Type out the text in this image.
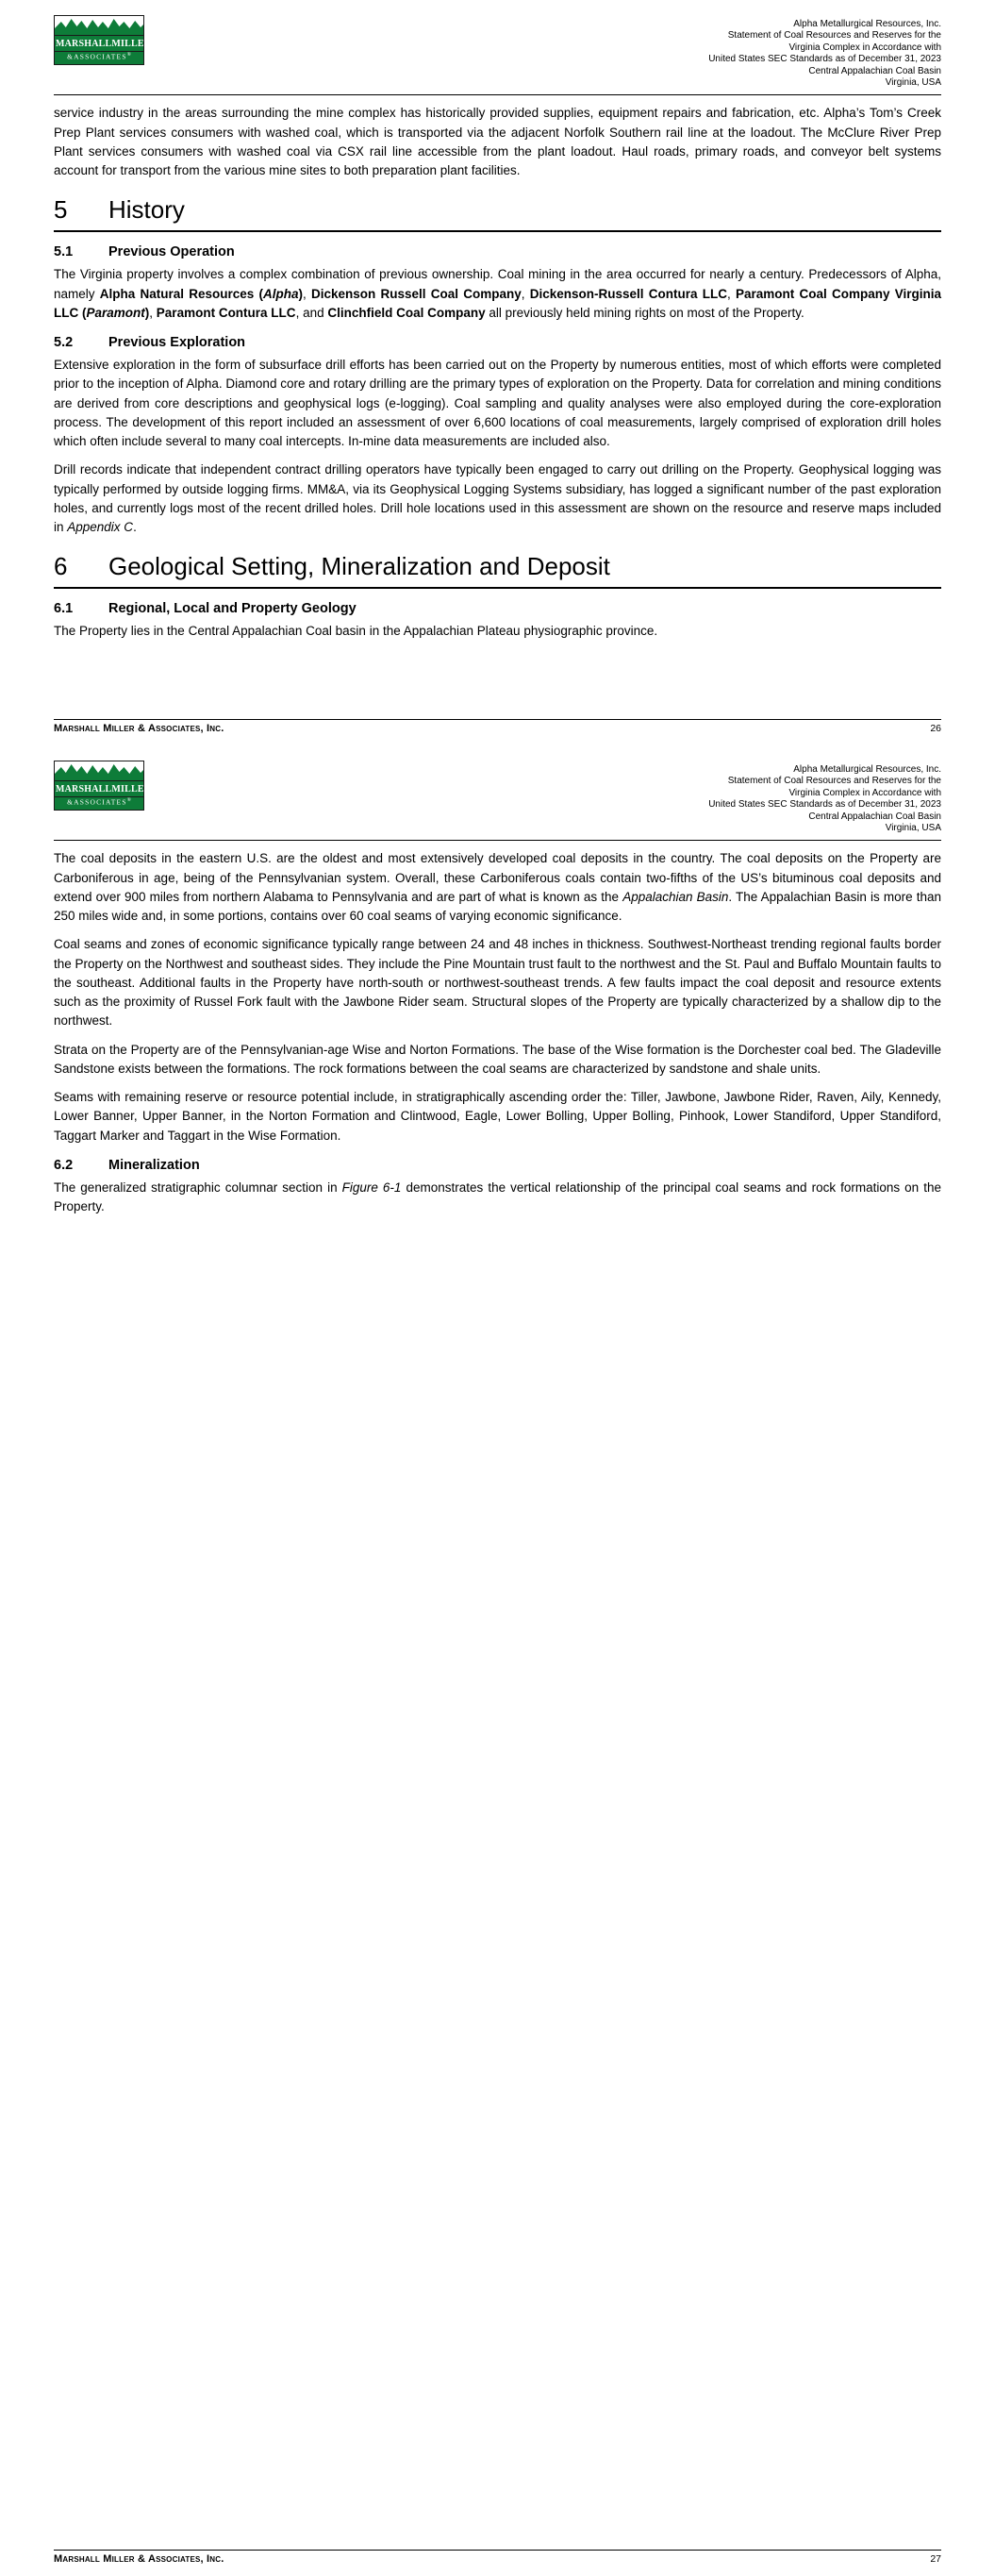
MARSHALLMILLER
&ASSOCIATES®
Alpha Metallurgical Resources, Inc.
Statement of Coal Resources and Reserves for the
Virginia Complex in Accordance with
United States SEC Standards as of December 31, 2023
Central Appalachian Coal Basin
Virginia, USA

service industry in the areas surrounding the mine complex has historically provided supplies, equipment repairs and fabrication, etc. Alpha’s Tom’s Creek Prep Plant services consumers with washed coal, which is transported via the adjacent Norfolk Southern rail line at the loadout. The McClure River Prep Plant services consumers with washed coal via CSX rail line accessible from the plant loadout. Haul roads, primary roads, and conveyor belt systems account for transport from the various mine sites to both preparation plant facilities.

5	History
5.1	Previous Operation

The Virginia property involves a complex combination of previous ownership. Coal mining in the area occurred for nearly a century. Predecessors of Alpha, namely Alpha Natural Resources (Alpha), Dickenson Russell Coal Company, Dickenson-Russell Contura LLC, Paramont Coal Company Virginia LLC (Paramont), Paramont Contura LLC, and Clinchfield Coal Company all previously held mining rights on most of the Property.

5.2	Previous Exploration

Extensive exploration in the form of subsurface drill efforts has been carried out on the Property by numerous entities, most of which efforts were completed prior to the inception of Alpha. Diamond core and rotary drilling are the primary types of exploration on the Property. Data for correlation and mining conditions are derived from core descriptions and geophysical logs (e-logging). Coal sampling and quality analyses were also employed during the core-exploration process. The development of this report included an assessment of over 6,600 locations of coal measurements, largely comprised of exploration drill holes which often include several to many coal intercepts. In-mine data measurements are included also.

Drill records indicate that independent contract drilling operators have typically been engaged to carry out drilling on the Property. Geophysical logging was typically performed by outside logging firms. MM&A, via its Geophysical Logging Systems subsidiary, has logged a significant number of the past exploration holes, and currently logs most of the recent drilled holes. Drill hole locations used in this assessment are shown on the resource and reserve maps included in Appendix C.

6	Geological Setting, Mineralization and Deposit
6.1	Regional, Local and Property Geology

The Property lies in the Central Appalachian Coal basin in the Appalachian Plateau physiographic province.

Marshall Miller & Associates, Inc.	26
MARSHALLMILLER
&ASSOCIATES®
Alpha Metallurgical Resources, Inc.
Statement of Coal Resources and Reserves for the
Virginia Complex in Accordance with
United States SEC Standards as of December 31, 2023
Central Appalachian Coal Basin
Virginia, USA

The coal deposits in the eastern U.S. are the oldest and most extensively developed coal deposits in the country. The coal deposits on the Property are Carboniferous in age, being of the Pennsylvanian system. Overall, these Carboniferous coals contain two-fifths of the US’s bituminous coal deposits and extend over 900 miles from northern Alabama to Pennsylvania and are part of what is known as the Appalachian Basin. The Appalachian Basin is more than 250 miles wide and, in some portions, contains over 60 coal seams of varying economic significance.

Coal seams and zones of economic significance typically range between 24 and 48 inches in thickness. Southwest-Northeast trending regional faults border the Property on the Northwest and southeast sides. They include the Pine Mountain trust fault to the northwest and the St. Paul and Buffalo Mountain faults to the southeast. Additional faults in the Property have north-south or northwest-southeast trends. A few faults impact the coal deposit and resource extents such as the proximity of Russel Fork fault with the Jawbone Rider seam. Structural slopes of the Property are typically characterized by a shallow dip to the northwest.

Strata on the Property are of the Pennsylvanian-age Wise and Norton Formations. The base of the Wise formation is the Dorchester coal bed. The Gladeville Sandstone exists between the formations. The rock formations between the coal seams are characterized by sandstone and shale units.

Seams with remaining reserve or resource potential include, in stratigraphically ascending order the: Tiller, Jawbone, Jawbone Rider, Raven, Aily, Kennedy, Lower Banner, Upper Banner, in the Norton Formation and Clintwood, Eagle, Lower Bolling, Upper Bolling, Pinhook, Lower Standiford, Upper Standiford, Taggart Marker and Taggart in the Wise Formation.

6.2	Mineralization

The generalized stratigraphic columnar section in Figure 6-1 demonstrates the vertical relationship of the principal coal seams and rock formations on the Property.

Marshall Miller & Associates, Inc.	27
